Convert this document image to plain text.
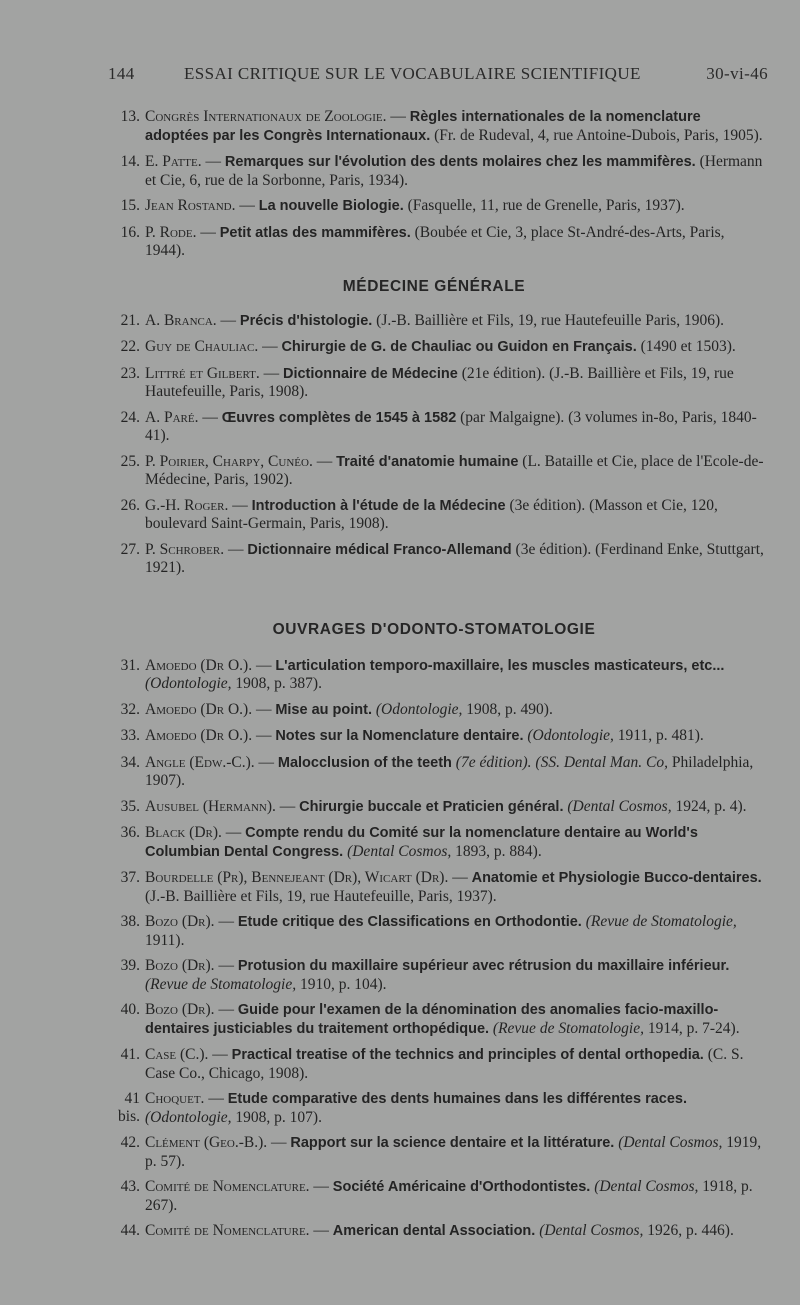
144	ESSAI CRITIQUE SUR LE VOCABULAIRE SCIENTIFIQUE	30-vi-46
13. Congrès Internationaux de Zoologie. — Règles internationales de la nomenclature adoptées par les Congrès Internationaux. (Fr. de Rudeval, 4, rue Antoine-Dubois, Paris, 1905).
14. E. Patte. — Remarques sur l'évolution des dents molaires chez les mammifères. (Hermann et Cie, 6, rue de la Sorbonne, Paris, 1934).
15. Jean Rostand. — La nouvelle Biologie. (Fasquelle, 11, rue de Grenelle, Paris, 1937).
16. P. Rode. — Petit atlas des mammifères. (Boubée et Cie, 3, place St-André-des-Arts, Paris, 1944).
MÉDECINE GÉNÉRALE
21. A. Branca. — Précis d'histologie. (J.-B. Baillière et Fils, 19, rue Hautefeuille Paris, 1906).
22. Guy de Chauliac. — Chirurgie de G. de Chauliac ou Guidon en Français. (1490 et 1503).
23. Littré et Gilbert. — Dictionnaire de Médecine (21e édition). (J.-B. Baillière et Fils, 19, rue Hautefeuille, Paris, 1908).
24. A. Paré. — Œuvres complètes de 1545 à 1582 (par Malgaigne). (3 volumes in-8o, Paris, 1840-41).
25. P. Poirier, Charpy, Cunéo. — Traité d'anatomie humaine (L. Bataille et Cie, place de l'Ecole-de-Médecine, Paris, 1902).
26. G.-H. Roger. — Introduction à l'étude de la Médecine (3e édition). (Masson et Cie, 120, boulevard Saint-Germain, Paris, 1908).
27. P. Schrober. — Dictionnaire médical Franco-Allemand (3e édition). (Ferdinand Enke, Stuttgart, 1921).
OUVRAGES D'ODONTO-STOMATOLOGIE
31. Amoedo (Dr O.). — L'articulation temporo-maxillaire, les muscles masticateurs, etc... (Odontologie, 1908, p. 387).
32. Amoedo (Dr O.). — Mise au point. (Odontologie, 1908, p. 490).
33. Amoedo (Dr O.). — Notes sur la Nomenclature dentaire. (Odontologie, 1911, p. 481).
34. Angle (Edw.-C.). — Malocclusion of the teeth (7e édition). (SS. Dental Man. Co, Philadelphia, 1907).
35. Ausubel (Hermann). — Chirurgie buccale et Praticien général. (Dental Cosmos, 1924, p. 4).
36. Black (Dr). — Compte rendu du Comité sur la nomenclature dentaire au World's Columbian Dental Congress. (Dental Cosmos, 1893, p. 884).
37. Bourdelle (Pr), Bennejeant (Dr), Wicart (Dr). — Anatomie et Physiologie Bucco-dentaires. (J.-B. Baillière et Fils, 19, rue Hautefeuille, Paris, 1937).
38. Bozo (Dr). — Etude critique des Classifications en Orthodontie. (Revue de Stomatologie, 1911).
39. Bozo (Dr). — Protusion du maxillaire supérieur avec rétrusion du maxillaire inférieur. (Revue de Stomatologie, 1910, p. 104).
40. Bozo (Dr). — Guide pour l'examen de la dénomination des anomalies facio-maxillo-dentaires justiciables du traitement orthopédique. (Revue de Stomatologie, 1914, p. 7-24).
41. Case (C.). — Practical treatise of the technics and principles of dental orthopedia. (C. S. Case Co., Chicago, 1908).
41 bis.
Choquet. — Etude comparative des dents humaines dans les différentes races. (Odontologie, 1908, p. 107).
42. Clément (Geo.-B.). — Rapport sur la science dentaire et la littérature. (Dental Cosmos, 1919, p. 57).
43. Comité de Nomenclature. — Société Américaine d'Orthodontistes. (Dental Cosmos, 1918, p. 267).
44. Comité de Nomenclature. — American dental Association. (Dental Cosmos, 1926, p. 446).
